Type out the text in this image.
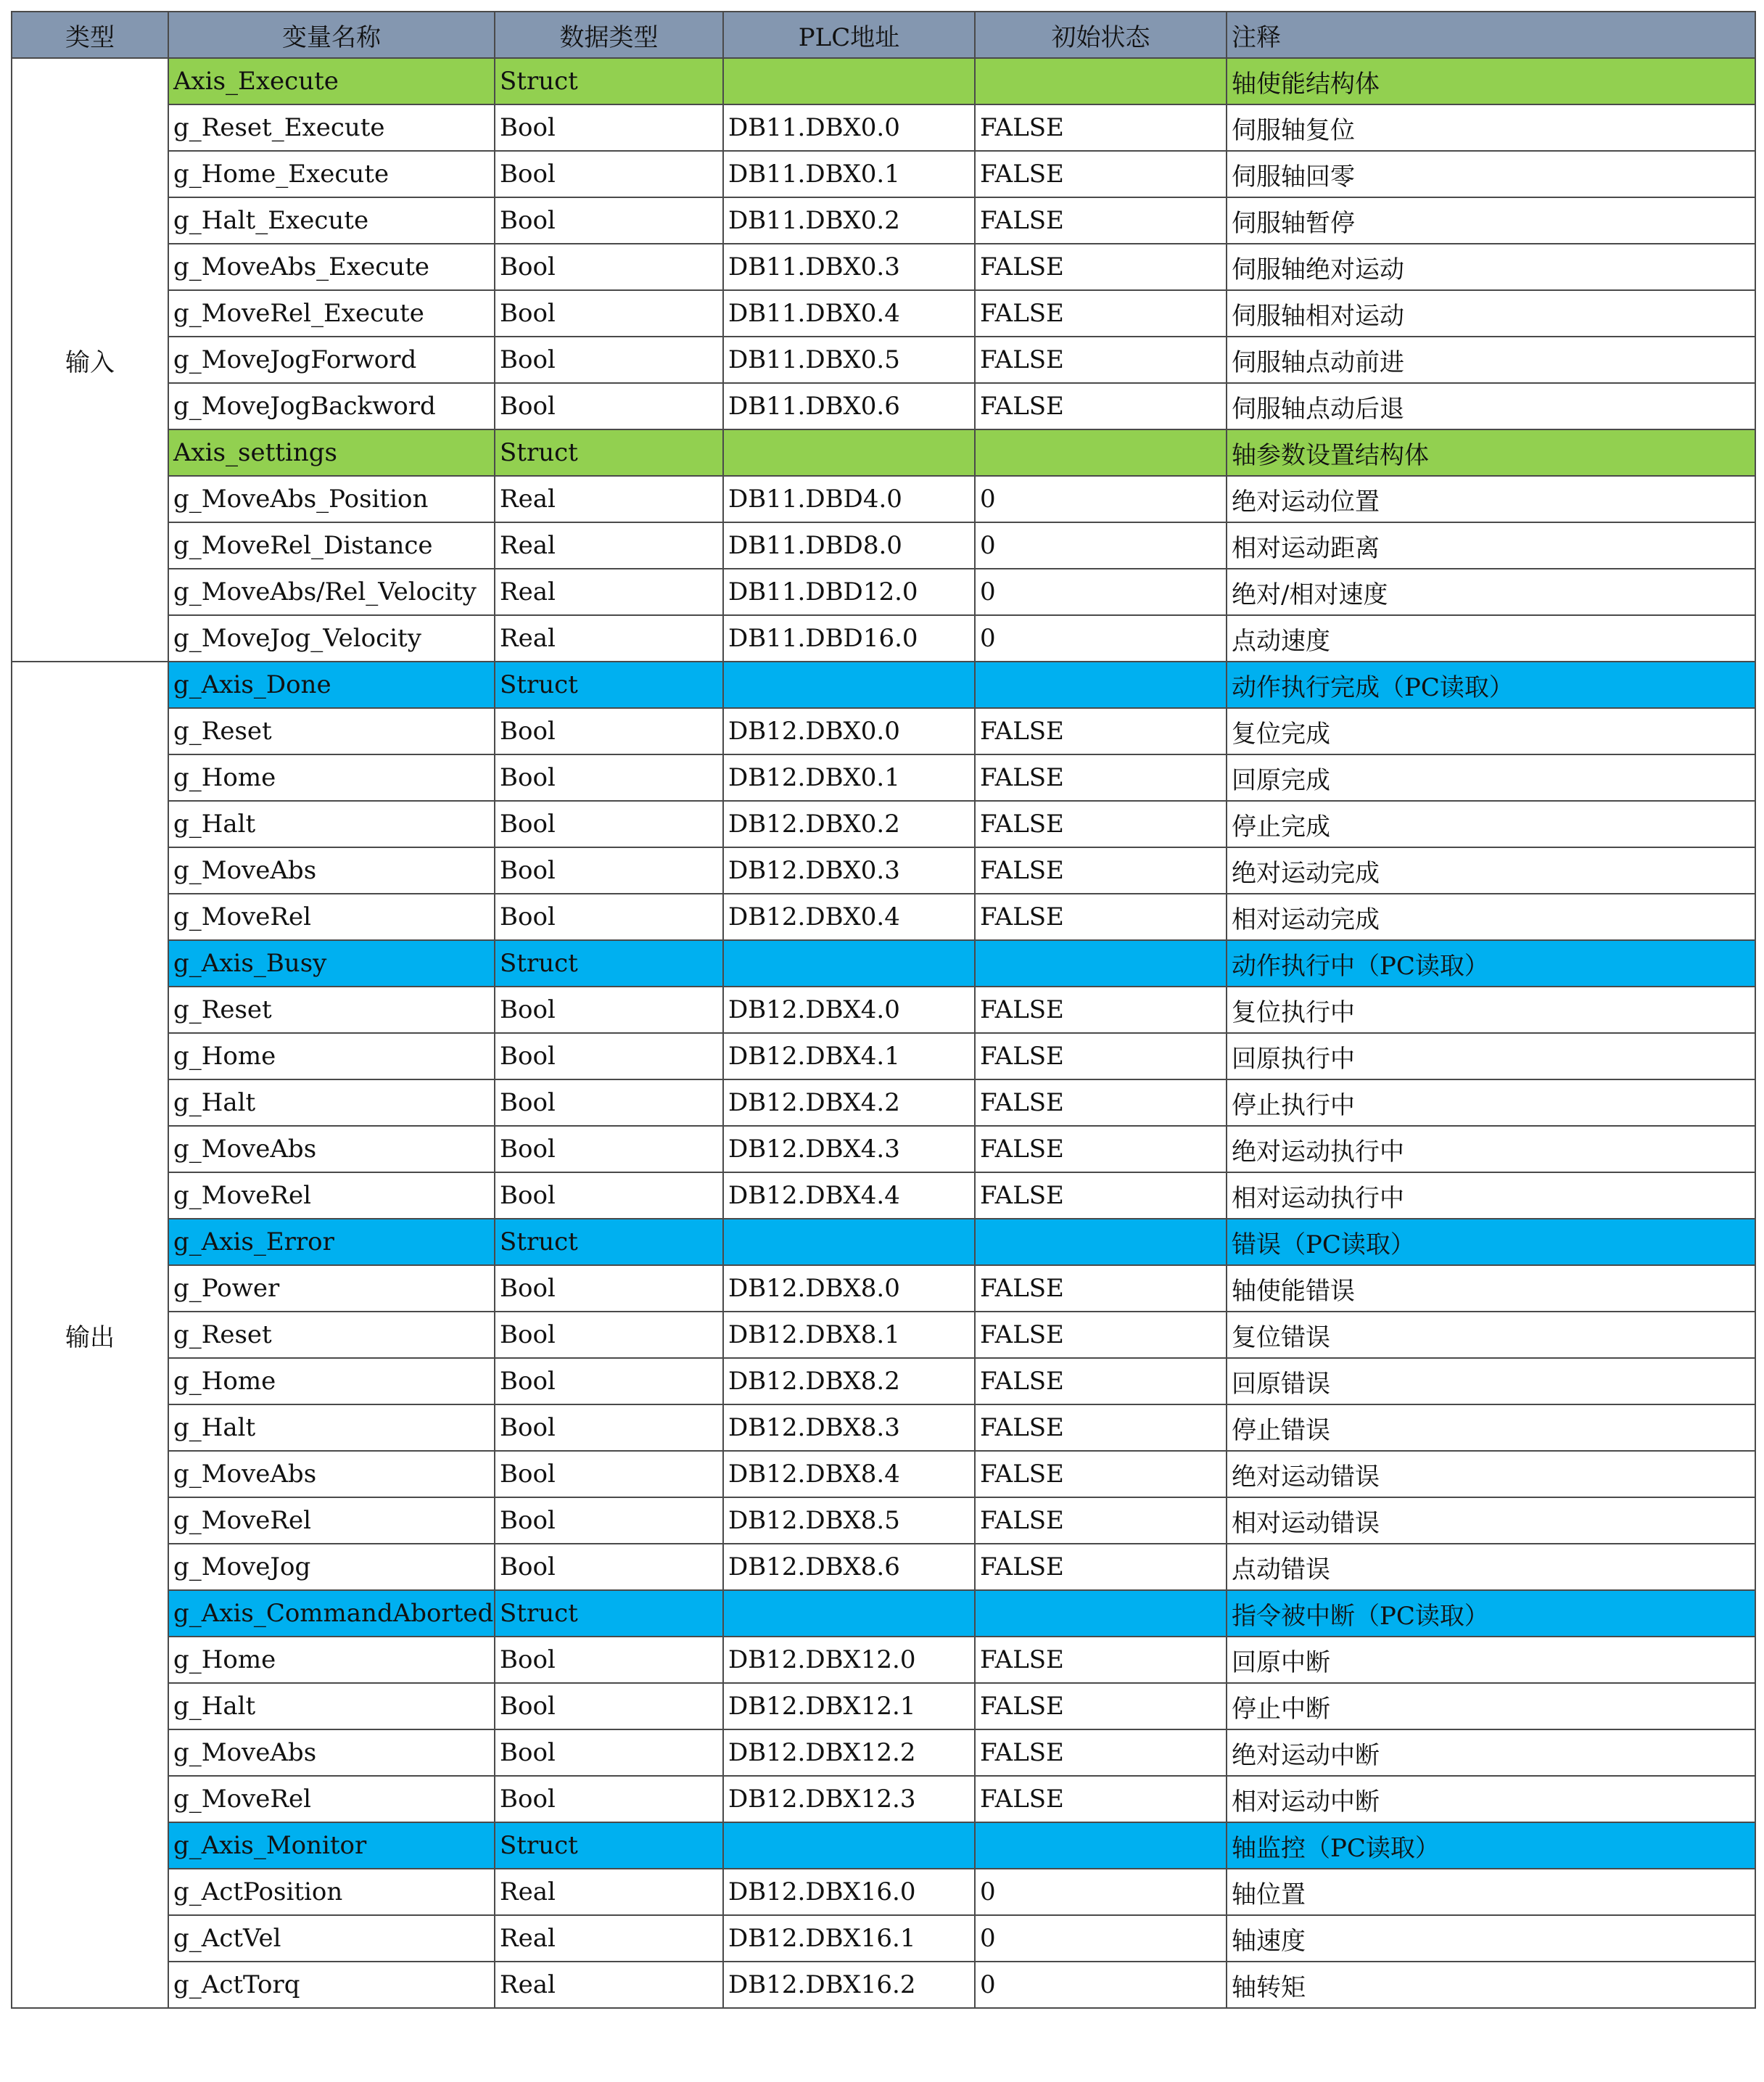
类型	变量名称	数据类型	PLC地址	初始状态	注释
输入	Axis_Execute	Struct			轴使能结构体
	g_Reset_Execute	Bool	DB11.DBX0.0	FALSE	伺服轴复位
	g_Home_Execute	Bool	DB11.DBX0.1	FALSE	伺服轴回零
	g_Halt_Execute	Bool	DB11.DBX0.2	FALSE	伺服轴暂停
	g_MoveAbs_Execute	Bool	DB11.DBX0.3	FALSE	伺服轴绝对运动
	g_MoveRel_Execute	Bool	DB11.DBX0.4	FALSE	伺服轴相对运动
	g_MoveJogForword	Bool	DB11.DBX0.5	FALSE	伺服轴点动前进
	g_MoveJogBackword	Bool	DB11.DBX0.6	FALSE	伺服轴点动后退
	Axis_settings	Struct			轴参数设置结构体
	g_MoveAbs_Position	Real	DB11.DBD4.0	0	绝对运动位置
	g_MoveRel_Distance	Real	DB11.DBD8.0	0	相对运动距离
	g_MoveAbs/Rel_Velocity	Real	DB11.DBD12.0	0	绝对/相对速度
	g_MoveJog_Velocity	Real	DB11.DBD16.0	0	点动速度
输出	g_Axis_Done	Struct			动作执行完成（PC读取）
	g_Reset	Bool	DB12.DBX0.0	FALSE	复位完成
	g_Home	Bool	DB12.DBX0.1	FALSE	回原完成
	g_Halt	Bool	DB12.DBX0.2	FALSE	停止完成
	g_MoveAbs	Bool	DB12.DBX0.3	FALSE	绝对运动完成
	g_MoveRel	Bool	DB12.DBX0.4	FALSE	相对运动完成
	g_Axis_Busy	Struct			动作执行中（PC读取）
	g_Reset	Bool	DB12.DBX4.0	FALSE	复位执行中
	g_Home	Bool	DB12.DBX4.1	FALSE	回原执行中
	g_Halt	Bool	DB12.DBX4.2	FALSE	停止执行中
	g_MoveAbs	Bool	DB12.DBX4.3	FALSE	绝对运动执行中
	g_MoveRel	Bool	DB12.DBX4.4	FALSE	相对运动执行中
	g_Axis_Error	Struct			错误（PC读取）
	g_Power	Bool	DB12.DBX8.0	FALSE	轴使能错误
	g_Reset	Bool	DB12.DBX8.1	FALSE	复位错误
	g_Home	Bool	DB12.DBX8.2	FALSE	回原错误
	g_Halt	Bool	DB12.DBX8.3	FALSE	停止错误
	g_MoveAbs	Bool	DB12.DBX8.4	FALSE	绝对运动错误
	g_MoveRel	Bool	DB12.DBX8.5	FALSE	相对运动错误
	g_MoveJog	Bool	DB12.DBX8.6	FALSE	点动错误
	g_Axis_CommandAborted	Struct			指令被中断（PC读取）
	g_Home	Bool	DB12.DBX12.0	FALSE	回原中断
	g_Halt	Bool	DB12.DBX12.1	FALSE	停止中断
	g_MoveAbs	Bool	DB12.DBX12.2	FALSE	绝对运动中断
	g_MoveRel	Bool	DB12.DBX12.3	FALSE	相对运动中断
	g_Axis_Monitor	Struct			轴监控（PC读取）
	g_ActPosition	Real	DB12.DBX16.0	0	轴位置
	g_ActVel	Real	DB12.DBX16.1	0	轴速度
	g_ActTorq	Real	DB12.DBX16.2	0	轴转矩
